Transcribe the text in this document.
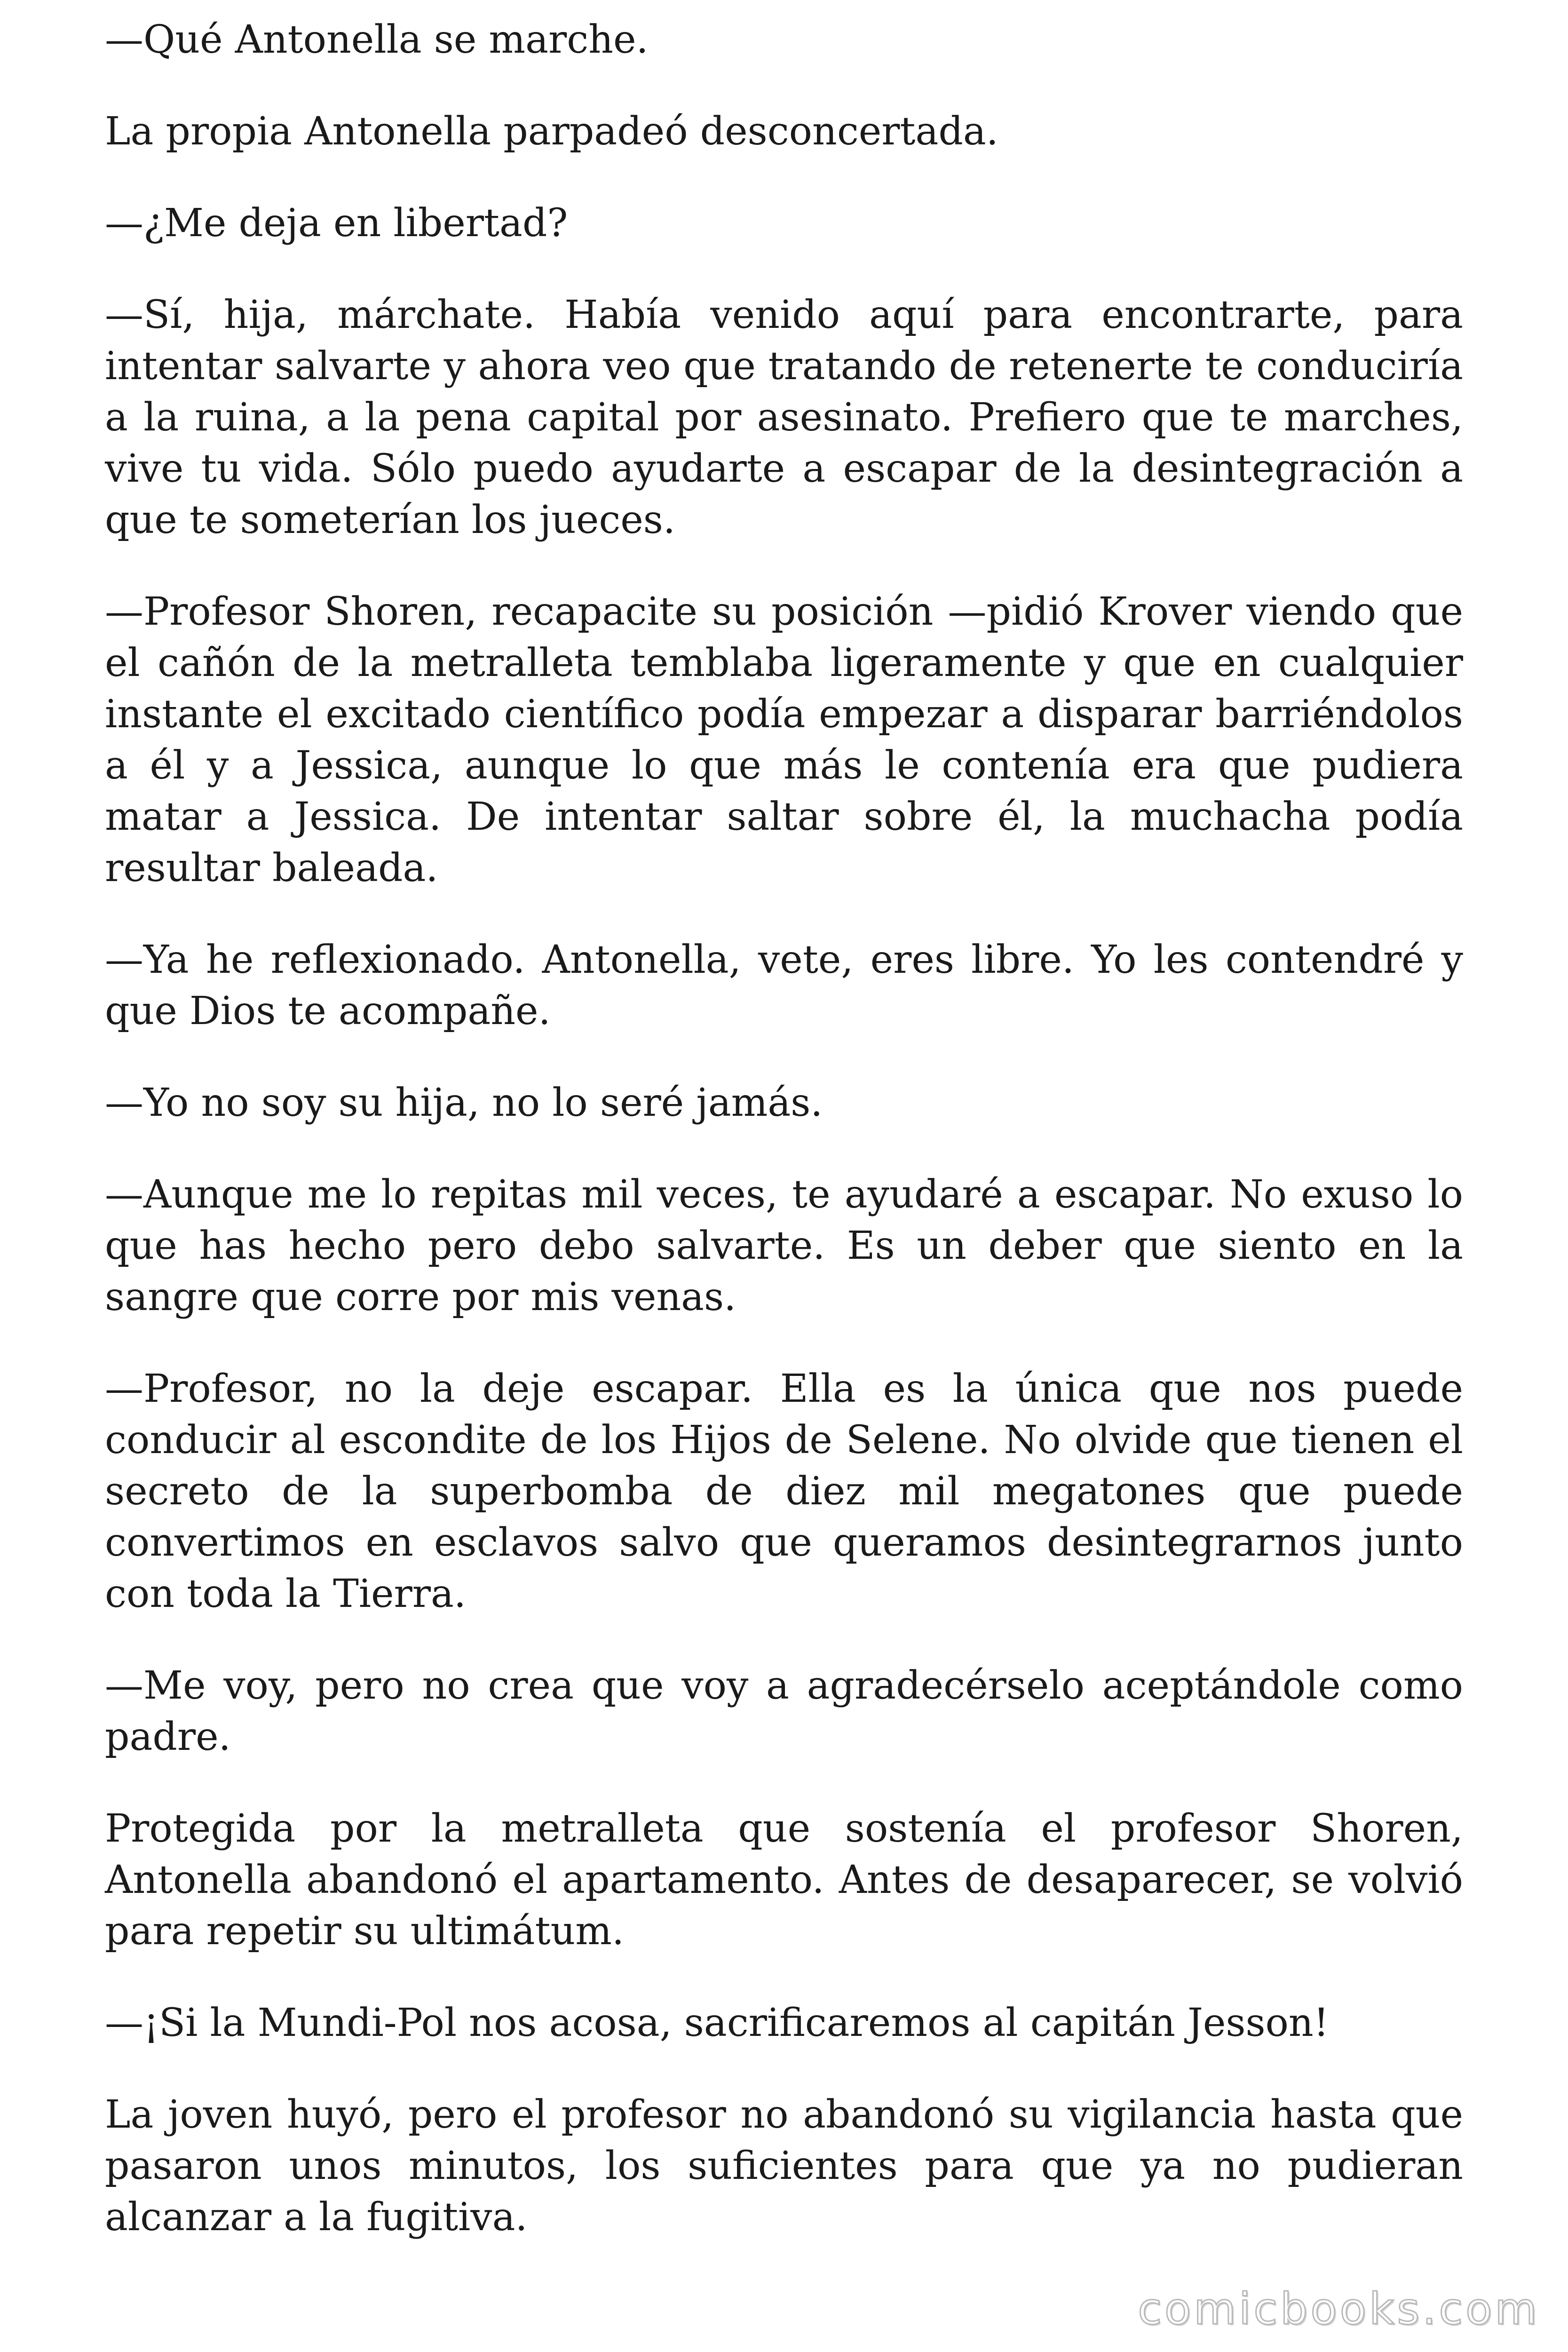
—Qué Antonella se marche.

La propia Antonella parpadeó desconcertada.

—¿Me deja en libertad?

—Sí, hija, márchate. Había venido aquí para encontrarte, para intentar salvarte y ahora veo que tratando de retenerte te conduciría a la ruina, a la pena capital por asesinato. Prefiero que te marches, vive tu vida. Sólo puedo ayudarte a escapar de la desintegración a que te someterían los jueces.

—Profesor Shoren, recapacite su posición —pidió Krover viendo que el cañón de la metralleta temblaba ligeramente y que en cualquier instante el excitado científico podía empezar a disparar barriéndolos a él y a Jessica, aunque lo que más le contenía era que pudiera matar a Jessica. De intentar saltar sobre él, la muchacha podía resultar baleada.

—Ya he reflexionado. Antonella, vete, eres libre. Yo les contendré y que Dios te acompañe.

—Yo no soy su hija, no lo seré jamás.

—Aunque me lo repitas mil veces, te ayudaré a escapar. No exuso lo que has hecho pero debo salvarte. Es un deber que siento en la sangre que corre por mis venas.

—Profesor, no la deje escapar. Ella es la única que nos puede conducir al escondite de los Hijos de Selene. No olvide que tienen el secreto de la superbomba de diez mil megatones que puede convertimos en esclavos salvo que queramos desintegrarnos junto con toda la Tierra.

—Me voy, pero no crea que voy a agradecérselo aceptándole como padre.

Protegida por la metralleta que sostenía el profesor Shoren, Antonella abandonó el apartamento. Antes de desaparecer, se volvió para repetir su ultimátum.

—¡Si la Mundi-Pol nos acosa, sacrificaremos al capitán Jesson!

La joven huyó, pero el profesor no abandonó su vigilancia hasta que pasaron unos minutos, los suficientes para que ya no pudieran alcanzar a la fugitiva.

comicbooks.com
